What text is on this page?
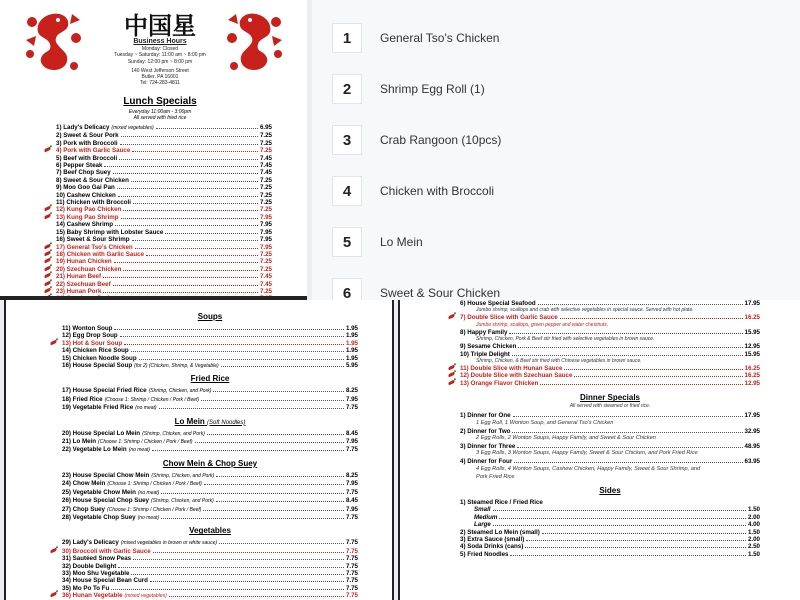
中国星
Business Hours
Monday: Closed
Tuesday ~ Saturday: 11:00 am ~ 8:00 pm
Sunday: 12:00 pm ~ 8:00 pm
140 West Jefferson Street
Butler, PA 16001
Tel: 724-283-4811
Lunch Specials
Everyday 11:00am - 3:00pm
All served with fried rice
1) Lady's Delicacy (mixed vegetables)	6.95
2) Sweet & Sour Pork	7.25
3) Pork with Broccoli	7.25
4) Pork with Garlic Sauce	7.25
5) Beef with Broccoli	7.45
6) Pepper Steak	7.45
7) Beef Chop Suey	7.45
8) Sweet & Sour Chicken	7.25
9) Moo Goo Gai Pan	7.25
10) Cashew Chicken	7.25
11) Chicken with Broccoli	7.25
12) Kung Pao Chicken	7.25
13) Kung Pao Shrimp	7.95
14) Cashew Shrimp	7.95
15) Baby Shrimp with Lobster Sauce	7.95
16) Sweet & Sour Shrimp	7.95
17) General Tso's Chicken	7.95
18) Chicken with Garlic Sauce	7.25
19) Hunan Chicken	7.25
20) Szechuan Chicken	7.25
21) Hunan Beef	7.45
22) Szechuan Beef	7.45
23) Hunan Pork	7.25
1	General Tso's Chicken
2	Shrimp Egg Roll (1)
3	Crab Rangoon (10pcs)
4	Chicken with Broccoli
5	Lo Mein
6	Sweet & Sour Chicken
Soups
11) Wonton Soup	1.95
12) Egg Drop Soup	1.95
13) Hot & Sour Soup	1.95
14) Chicken Rice Soup	1.95
15) Chicken Noodle Soup	1.95
16) House Special Soup (for 2) (Chicken, Shrimp, & Vegetable)	5.95
Fried Rice
17) House Special Fried Rice (Shrimp, Chicken, and Pork)	8.25
18) Fried Rice (Choose 1: Shrimp / Chicken / Pork / Beef)	7.95
19) Vegetable Fried Rice (no meat)	7.75
Lo Mein (Soft Noodles)
20) House Special Lo Mein (Shrimp, Chicken, and Pork)	8.45
21) Lo Mein (Choose 1: Shrimp / Chicken / Pork / Beef)	7.95
22) Vegetable Lo Mein (no meat)	7.75
Chow Mein & Chop Suey
23) House Special Chow Mein (Shrimp, Chicken, and Pork)	8.25
24) Chow Mein (Choose 1: Shrimp / Chicken / Pork / Beef)	7.95
25) Vegetable Chow Mein (no meat)	7.75
26) House Special Chop Suey (Shrimp, Chicken, and Pork)	8.45
27) Chop Suey (Choose 1: Shrimp / Chicken / Pork / Beef)	7.95
28) Vegetable Chop Suey (no meat)	7.75
Vegetables
29) Lady's Delicacy (mixed vegetables in brown or white sauce)	7.75
30) Broccoli with Garlic Sauce	7.75
31) Sautéed Snow Peas	7.75
32) Double Delight	7.75
33) Moo Shu Vegetable	7.75
34) House Special Bean Curd	7.75
35) Mo Po To Fu	7.75
36) Hunan Vegetable (mixed vegetables)	7.75
6) House Special Seafood	17.95
Jumbo shrimp, scallops and crab with selective vegetables in special sauce. Served with hot plate.
7) Double Slice with Garlic Sauce	16.25
Jumbo shrimp, scallops, green pepper and water chestnuts.
8) Happy Family	15.95
Shrimp, Chicken, Pork & Beef stir fried with selective vegetables in brown sauce.
9) Sesame Chicken	12.95
10) Triple Delight	15.95
Shrimp, Chicken, & Beef stir fried with Chinese vegetables in brown sauce.
11) Double Slice with Hunan Sauce	16.25
12) Double Slice with Szechuan Sauce	16.25
13) Orange Flavor Chicken	12.95
Dinner Specials
All served with steamed or fried rice.
1) Dinner for One	17.95
1 Egg Roll, 1 Wonton Soup, and General Tso's Chicken
2) Dinner for Two	32.95
2 Egg Rolls, 2 Wonton Soups, Happy Family, and Sweet & Sour Chicken
3) Dinner for Three	48.95
3 Egg Rolls, 3 Wonton Soups, Happy Family, Sweet & Sour Chicken, and Pork Fried Rice
4) Dinner for Four	63.95
4 Egg Rolls, 4 Wonton Soups, Cashew Chicken, Happy Family, Sweet & Sour Shrimp, and
Pork Fried Rice
Sides
1) Steamed Rice / Fried Rice
Small	1.50
Medium	2.00
Large	4.00
2) Steamed Lo Mein (small)	1.50
3) Extra Sauce (small)	2.00
4) Soda Drinks (cans)	2.50
5) Fried Noodles	1.50
